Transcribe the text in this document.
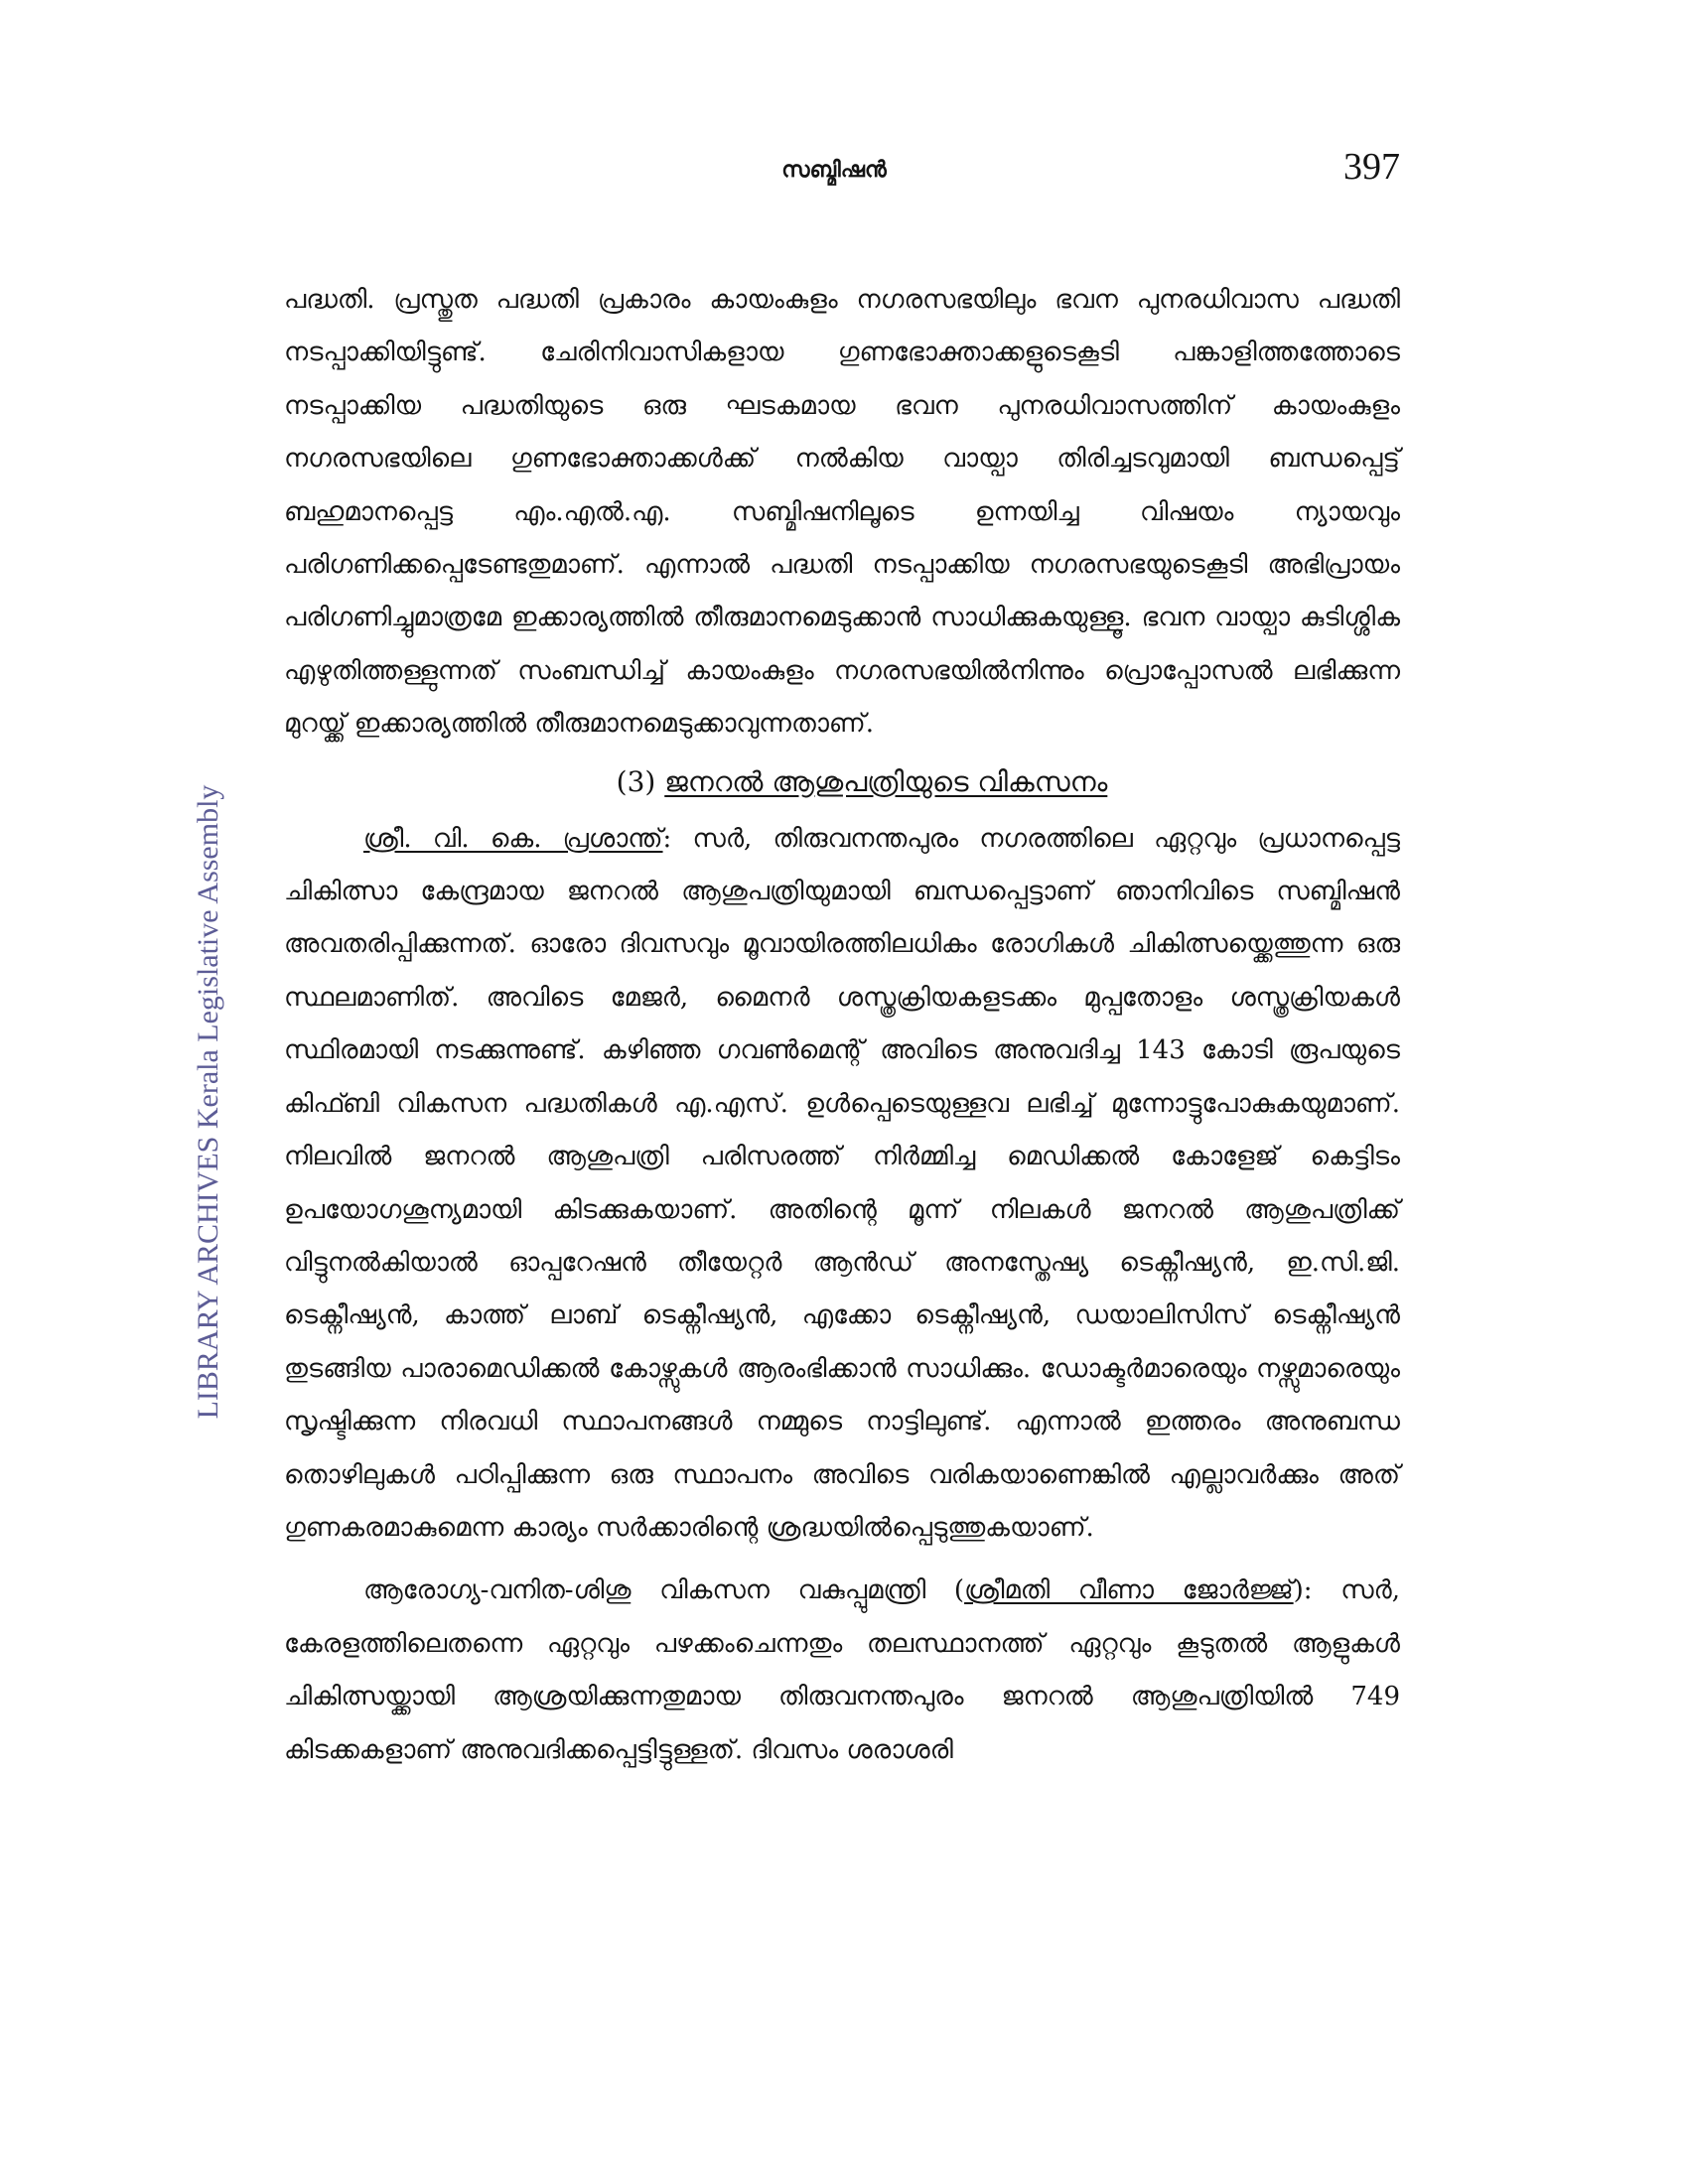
സബ്മിഷൻ	397
LIBRARY ARCHIVES Kerala Legislative Assembly

പദ്ധതി. പ്രസ്തുത പദ്ധതി പ്രകാരം കായംകുളം നഗരസഭയിലും ഭവന പുനരധിവാസ പദ്ധതി നടപ്പാക്കിയിട്ടുണ്ട്. ചേരിനിവാസികളായ ഗുണഭോക്താക്കളുടെകൂടി പങ്കാളിത്തത്തോടെ നടപ്പാക്കിയ പദ്ധതിയുടെ ഒരു ഘടകമായ ഭവന പുനരധിവാസത്തിന് കായംകുളം നഗരസഭയിലെ ഗുണഭോക്താക്കൾക്ക് നൽകിയ വായ്പാ തിരിച്ചടവുമായി ബന്ധപ്പെട്ട് ബഹുമാനപ്പെട്ട എം.എൽ.എ. സബ്മിഷനിലൂടെ ഉന്നയിച്ച വിഷയം ന്യായവും പരിഗണിക്കപ്പെടേണ്ടതുമാണ്. എന്നാൽ പദ്ധതി നടപ്പാക്കിയ നഗരസഭയുടെകൂടി അഭിപ്രായം പരിഗണിച്ചുമാത്രമേ ഇക്കാര്യത്തിൽ തീരുമാനമെടുക്കാൻ സാധിക്കുകയുള്ളൂ. ഭവന വായ്പാ കുടിശ്ശിക എഴുതിത്തള്ളുന്നത് സംബന്ധിച്ച് കായംകുളം നഗരസഭയിൽനിന്നും പ്രൊപ്പോസൽ ലഭിക്കുന്ന മുറയ്ക്ക് ഇക്കാര്യത്തിൽ തീരുമാനമെടുക്കാവുന്നതാണ്.

(3) ജനറൽ ആശുപത്രിയുടെ വികസനം

ശ്രീ. വി. കെ. പ്രശാന്ത്: സർ, തിരുവനന്തപുരം നഗരത്തിലെ ഏറ്റവും പ്രധാനപ്പെട്ട ചികിത്സാ കേന്ദ്രമായ ജനറൽ ആശുപത്രിയുമായി ബന്ധപ്പെട്ടാണ് ഞാനിവിടെ സബ്മിഷൻ അവതരിപ്പിക്കുന്നത്. ഓരോ ദിവസവും മൂവായിരത്തിലധികം രോഗികൾ ചികിത്സയ്ക്കെത്തുന്ന ഒരു സ്ഥലമാണിത്. അവിടെ മേജർ, മൈനർ ശസ്ത്രക്രിയകളടക്കം മുപ്പതോളം ശസ്ത്രക്രിയകൾ സ്ഥിരമായി നടക്കുന്നുണ്ട്. കഴിഞ്ഞ ഗവൺമെന്റ് അവിടെ അനുവദിച്ച 143 കോടി രൂപയുടെ കിഫ്ബി വികസന പദ്ധതികൾ എ.എസ്. ഉൾപ്പെടെയുള്ളവ ലഭിച്ച് മുന്നോട്ടുപോകുകയുമാണ്. നിലവിൽ ജനറൽ ആശുപത്രി പരിസരത്ത് നിർമ്മിച്ച മെഡിക്കൽ കോളേജ് കെട്ടിടം ഉപയോഗശൂന്യമായി കിടക്കുകയാണ്. അതിന്റെ മൂന്ന് നിലകൾ ജനറൽ ആശുപത്രിക്ക് വിട്ടുനൽകിയാൽ ഓപ്പറേഷൻ തീയേറ്റർ ആൻഡ് അനസ്തേഷ്യ ടെക്നീഷ്യൻ, ഇ.സി.ജി. ടെക്നീഷ്യൻ, കാത്ത് ലാബ് ടെക്നീഷ്യൻ, എക്കോ ടെക്നീഷ്യൻ, ഡയാലിസിസ് ടെക്നീഷ്യൻ തുടങ്ങിയ പാരാമെഡിക്കൽ കോഴ്സുകൾ ആരംഭിക്കാൻ സാധിക്കും. ഡോക്ടർമാരെയും നഴ്സുമാരെയും സൃഷ്ടിക്കുന്ന നിരവധി സ്ഥാപനങ്ങൾ നമ്മുടെ നാട്ടിലുണ്ട്. എന്നാൽ ഇത്തരം അനുബന്ധ തൊഴിലുകൾ പഠിപ്പിക്കുന്ന ഒരു സ്ഥാപനം അവിടെ വരികയാണെങ്കിൽ എല്ലാവർക്കും അത് ഗുണകരമാകുമെന്ന കാര്യം സർക്കാരിന്റെ ശ്രദ്ധയിൽപ്പെടുത്തുകയാണ്.

ആരോഗ്യ-വനിത-ശിശു വികസന വകുപ്പുമന്ത്രി (ശ്രീമതി വീണാ ജോർജ്ജ്): സർ, കേരളത്തിലെതന്നെ ഏറ്റവും പഴക്കംചെന്നതും തലസ്ഥാനത്ത് ഏറ്റവും കൂടുതൽ ആളുകൾ ചികിത്സയ്ക്കായി ആശ്രയിക്കുന്നതുമായ തിരുവനന്തപുരം ജനറൽ ആശുപത്രിയിൽ 749 കിടക്കകളാണ് അനുവദിക്കപ്പെട്ടിട്ടുള്ളത്. ദിവസം ശരാശരി
